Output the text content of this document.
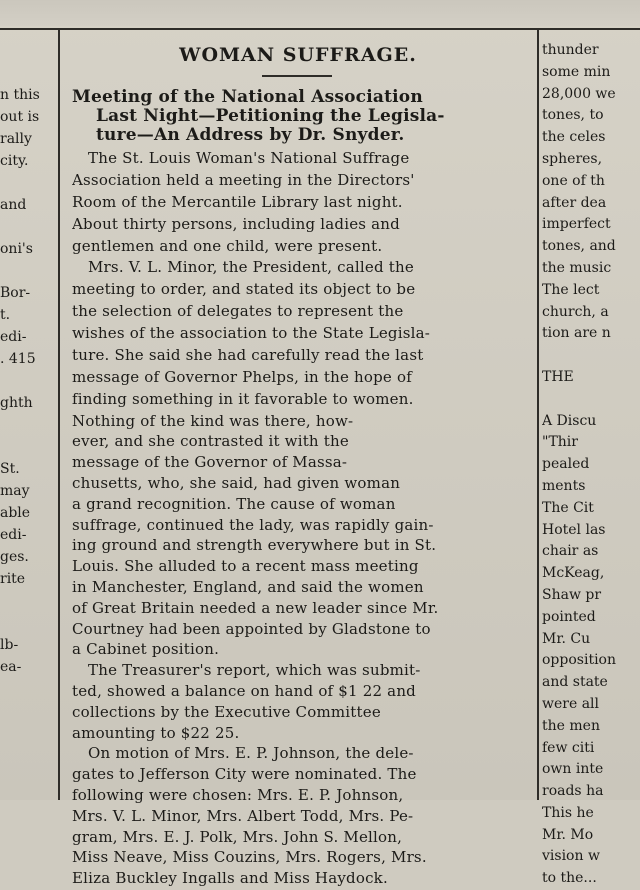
n this
out is
rally
city.
and
oni's
Bor-
t.
edi-
. 415
ghth
St.
may
able
edi-
ges.
rite
lb-
ea-
WOMAN SUFFRAGE.
Meeting of the National Association
Last Night—Petitioning the Legisla-
ture—An Address by Dr. Snyder.
The St. Louis Woman's National Suffrage
Association held a meeting in the Directors'
Room of the Mercantile Library last night.
About thirty persons, including ladies and
gentlemen and one child, were present.
Mrs. V. L. Minor, the President, called the
meeting to order, and stated its object to be
the selection of delegates to represent the
wishes of the association to the State Legisla-
ture. She said she had carefully read the last
message of Governor Phelps, in the hope of
finding something in it favorable to women.
Nothing of the kind was there, how-
ever, and she contrasted it with the
message of the Governor of Massa-
chusetts, who, she said, had given woman
a grand recognition. The cause of woman
suffrage, continued the lady, was rapidly gain-
ing ground and strength everywhere but in St.
Louis. She alluded to a recent mass meeting
in Manchester, England, and said the women
of Great Britain needed a new leader since Mr.
Courtney had been appointed by Gladstone to
a Cabinet position.
The Treasurer's report, which was submit-
ted, showed a balance on hand of $1 22 and
collections by the Executive Committee
amounting to $22 25.
On motion of Mrs. E. P. Johnson, the dele-
gates to Jefferson City were nominated. The
following were chosen: Mrs. E. P. Johnson,
Mrs. V. L. Minor, Mrs. Albert Todd, Mrs. Pe-
gram, Mrs. E. J. Polk, Mrs. John S. Mellon,
Miss Neave, Miss Couzins, Mrs. Rogers, Mrs.
Eliza Buckley Ingalls and Miss Haydock.
thunder
some min
28,000 we
tones, to
the celes
spheres,
one of th
after dea
imperfect
tones, and
the music
The lect
church, a
tion are n
THE
A Discu
"Thir
pealed
ments
The Cit
Hotel las
chair as
McKeag,
Shaw pr
pointed
Mr. Cu
opposition
and state
were all
the men
few citi
own inte
roads ha
This he
Mr. Mo
vision w
to the...
